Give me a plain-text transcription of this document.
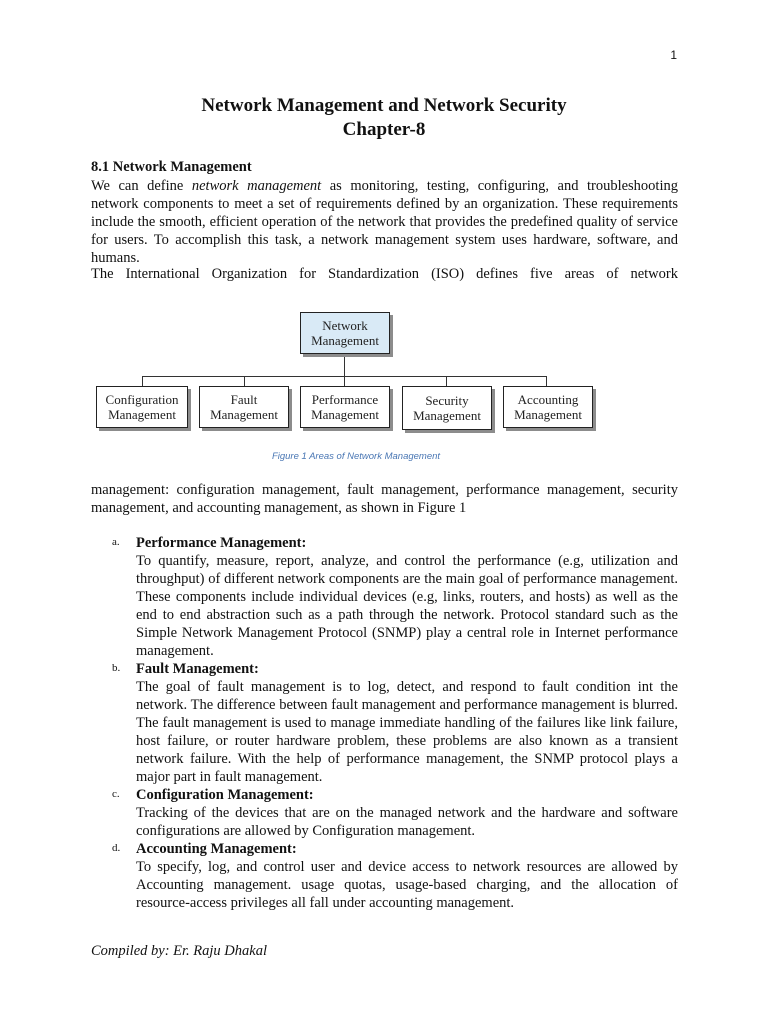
1
Network Management and Network Security
Chapter-8
8.1 Network Management

We can define network management as monitoring, testing, configuring, and troubleshooting network components to meet a set of requirements defined by an organization. These requirements include the smooth, efficient operation of the network that provides the predefined quality of service for users. To accomplish this task, a network management system uses hardware, software, and humans.

The International Organization for Standardization (ISO) defines five areas of network

Network
Management
Configuration
Management
Fault
Management
Performance
Management
Security
Management
Accounting
Management
Figure 1 Areas of Network Management

management: configuration management, fault management, performance management, security management, and accounting management, as shown in Figure 1

a.	Performance Management:

To quantify, measure, report, analyze, and control the performance (e.g, utilization and throughput) of different network components are the main goal of performance management. These components include individual devices (e.g, links, routers, and hosts) as well as the end to end abstraction such as a path through the network. Protocol standard such as the Simple Network Management Protocol (SNMP) play a central role in Internet performance management.

b.	Fault Management:

The goal of fault management is to log, detect, and respond to fault condition int the network. The difference between fault management and performance management is blurred. The fault management is used to manage immediate handling of the failures like link failure, host failure, or router hardware problem, these problems are also known as a transient network failure. With the help of performance management, the SNMP protocol plays a major part in fault management.

c.	Configuration Management:

Tracking of the devices that are on the managed network and the hardware and software configurations are allowed by Configuration management.

d.	Accounting Management:

To specify, log, and control user and device access to network resources are allowed by Accounting management. usage quotas, usage-based charging, and the allocation of resource-access privileges all fall under accounting management.

Compiled by: Er. Raju Dhakal
